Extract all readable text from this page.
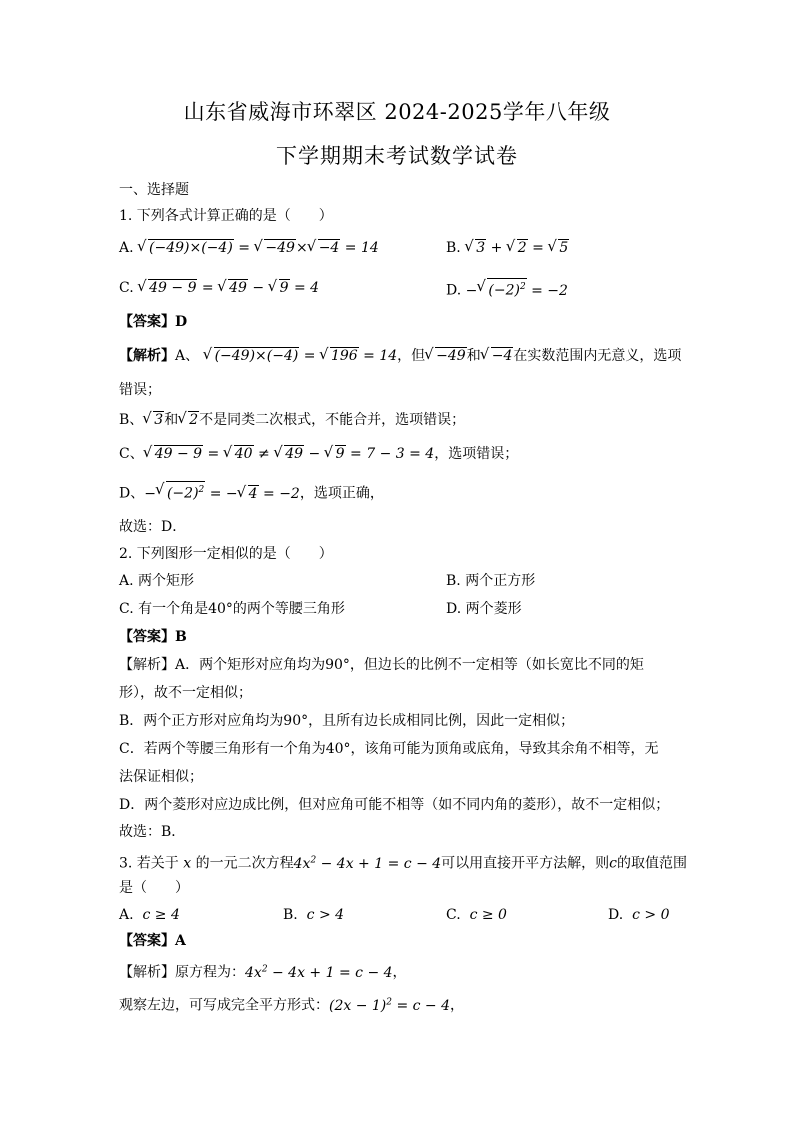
山东省威海市环翠区 2024-2025学年八年级
下学期期末考试数学试卷
一、选择题
1. 下列各式计算正确的是（　　）
A. √ (−49)×(−4) = √ −49× √ −4 = 14	B. √ 3 + √ 2 = √ 5
C. √ 49 − 9 = √ 49 − √ 9 = 4	D. − √ $(-2)^2 = -2$
【答案】D
【解析】A、 √ (−49)×(−4) = √ 196 = 14，但 √ −49和 √ −4在实数范围内无意义，选项
错误；
B、 √ 3和 √ 2不是同类二次根式，不能合并，选项错误；
C、 √ 49 − 9 = √ 40 ≠ √ 49 − √ 9 = 7 − 3 = 4，选项错误；
D、− √ $(-2)^2$ = − √ 4 = −2，选项正确，
故选：D．
2. 下列图形一定相似的是（　　）
A. 两个矩形	B. 两个正方形
C. 有一个角是40°的两个等腰三角形	D. 两个菱形
【答案】B
【解析】A．两个矩形对应角均为90°，但边长的比例不一定相等（如长宽比不同的矩
形），故不一定相似；
B．两个正方形对应角均为90°，且所有边长成相同比例，因此一定相似；
C．若两个等腰三角形有一个角为40°，该角可能为顶角或底角，导致其余角不相等，无
法保证相似；
D．两个菱形对应边成比例，但对应角可能不相等（如不同内角的菱形），故不一定相似；
故选：B．
3. 若关于 x 的一元二次方程$4x^2 - 4x + 1 = c - 4$可以用直接开平方法解，则c的取值范围
是（　　）
A. c ≥ 4	B. c > 4	C. c ≥ 0	D. c > 0
【答案】A
【解析】原方程为：$4x^2 - 4x + 1 = c - 4$，
观察左边，可写成完全平方形式：$(2x - 1)^2 = c - 4$，
